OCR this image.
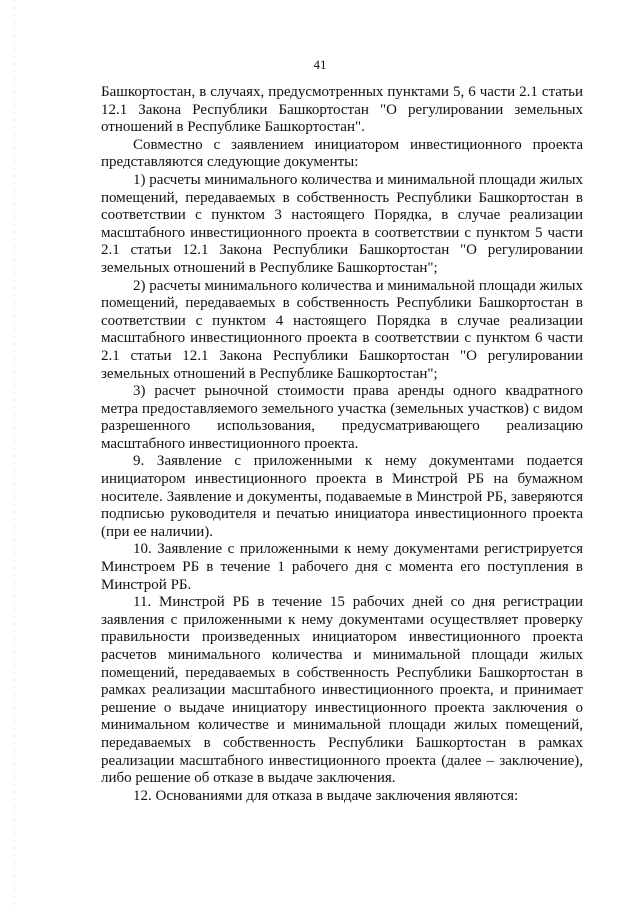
41

Башкортостан, в случаях, предусмотренных пунктами 5, 6 части 2.1 статьи 12.1 Закона Республики Башкортостан "О регулировании земельных отношений в Республике Башкортостан".

Совместно с заявлением инициатором инвестиционного проекта представляются следующие документы:

1) расчеты минимального количества и минимальной площади жилых помещений, передаваемых в собственность Республики Башкортостан в соответствии с пунктом 3 настоящего Порядка, в случае реализации масштабного инвестиционного проекта в соответствии с пунктом 5 части 2.1 статьи 12.1 Закона Республики Башкортостан "О регулировании земельных отношений в Республике Башкортостан";

2) расчеты минимального количества и минимальной площади жилых помещений, передаваемых в собственность Республики Башкортостан в соответствии с пунктом 4 настоящего Порядка в случае реализации масштабного инвестиционного проекта в соответствии с пунктом 6 части 2.1 статьи 12.1 Закона Республики Башкортостан "О регулировании земельных отношений в Республике Башкортостан";

3) расчет рыночной стоимости права аренды одного квадратного метра предоставляемого земельного участка (земельных участков) с видом разрешенного использования, предусматривающего реализацию масштабного инвестиционного проекта.

9. Заявление с приложенными к нему документами подается инициатором инвестиционного проекта в Минстрой РБ на бумажном носителе. Заявление и документы, подаваемые в Минстрой РБ, заверяются подписью руководителя и печатью инициатора инвестиционного проекта (при ее наличии).

10. Заявление с приложенными к нему документами регистрируется Минстроем РБ в течение 1 рабочего дня с момента его поступления в Минстрой РБ.

11. Минстрой РБ в течение 15 рабочих дней со дня регистрации заявления с приложенными к нему документами осуществляет проверку правильности произведенных инициатором инвестиционного проекта расчетов минимального количества и минимальной площади жилых помещений, передаваемых в собственность Республики Башкортостан в рамках реализации масштабного инвестиционного проекта, и принимает решение о выдаче инициатору инвестиционного проекта заключения о минимальном количестве и минимальной площади жилых помещений, передаваемых в собственность Республики Башкортостан в рамках реализации масштабного инвестиционного проекта (далее – заключение), либо решение об отказе в выдаче заключения.

12. Основаниями для отказа в выдаче заключения являются:
